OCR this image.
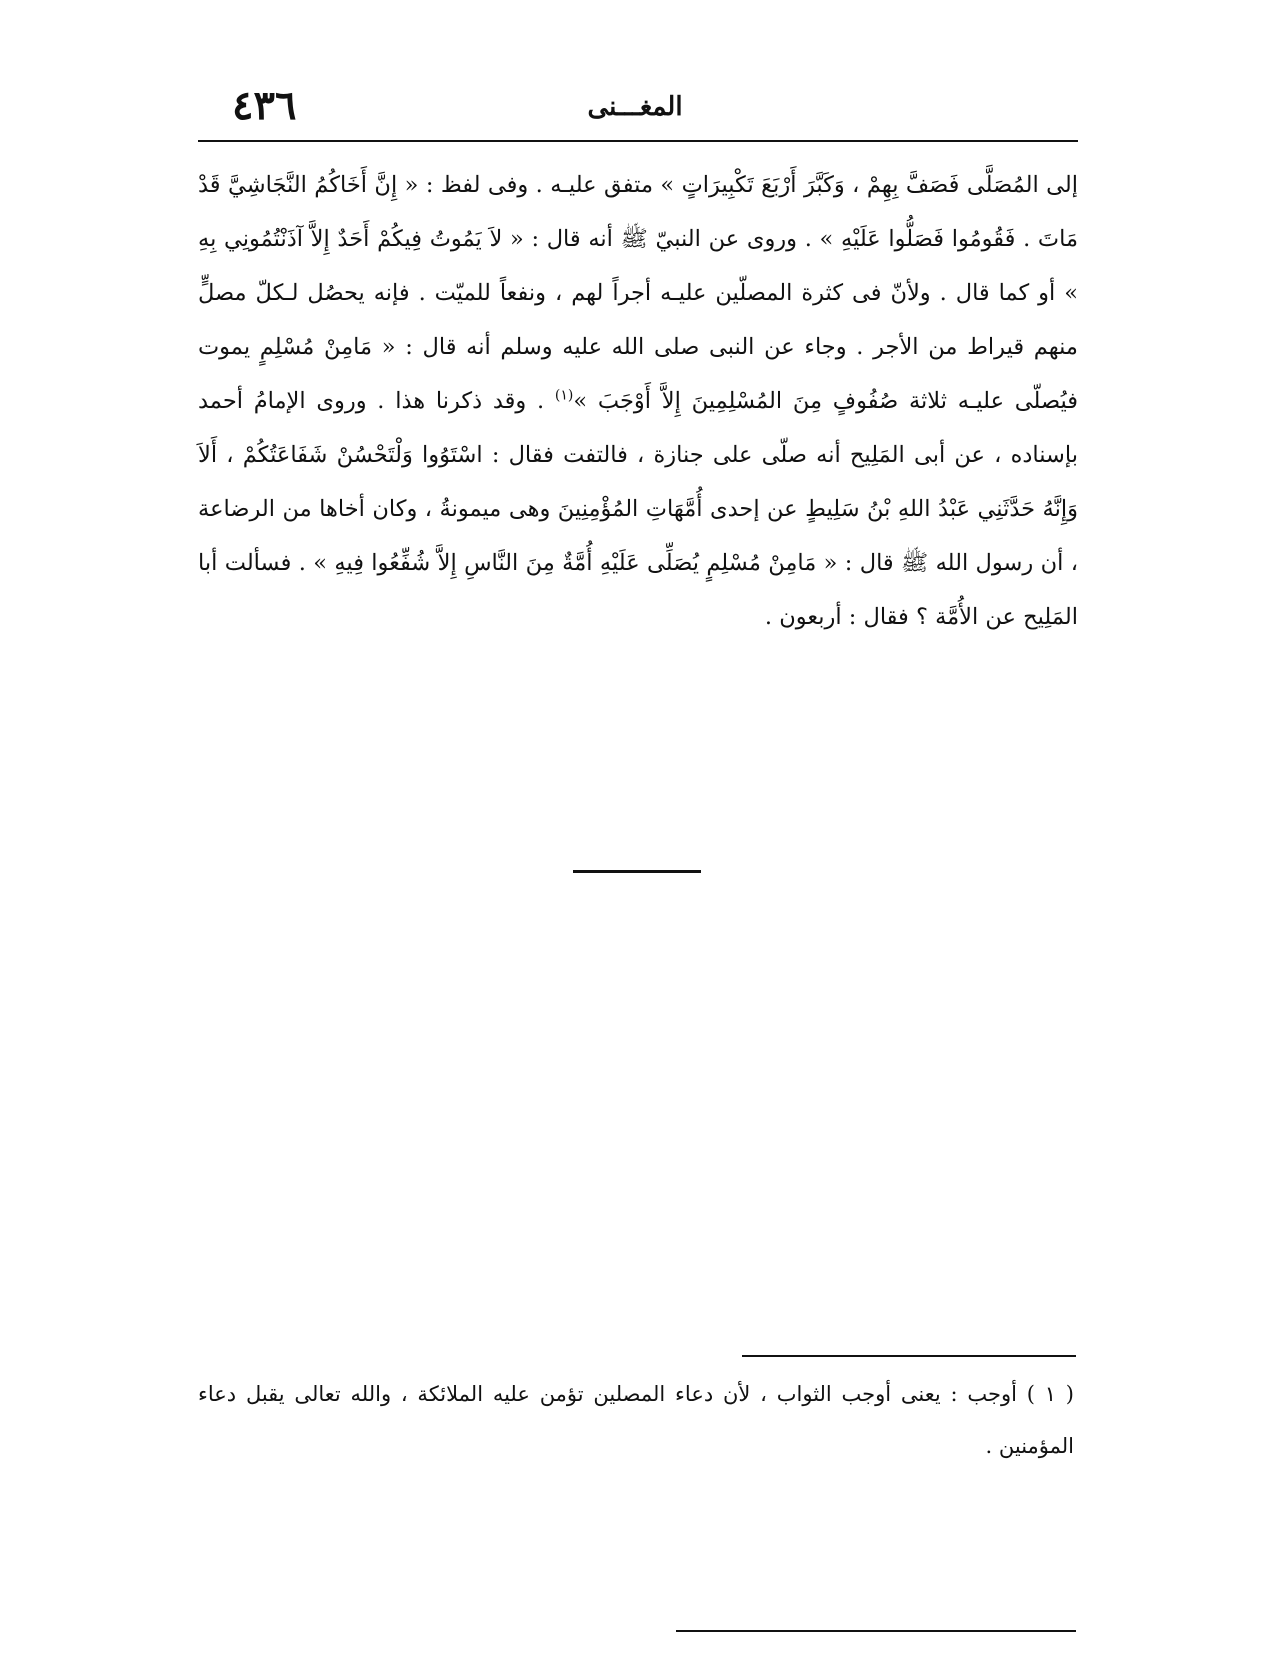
٤٣٦	المغـــنى

إلى المُصَلَّى فَصَفَّ بِهِمْ ، وَكَبَّرَ أَرْبَعَ تَكْبِيرَاتٍ » متفق عليـه . وفى لفظ : « إِنَّ أَخَاكُمُ النَّجَاشِيَّ قَدْ مَاتَ . فَقُومُوا فَصَلُّوا عَلَيْهِ » . وروى عن النبيّ ﷺ أنه قال : « لاَ يَمُوتُ فِيكُمْ أَحَدٌ إِلاَّ آذَنْتُمُونِي بِهِ » أو كما قال . ولأنّ فى كثرة المصلّين عليـه أجراً لهم ، ونفعاً للميّت . فإنه يحصُل لـكلّ مصلٍّ منهم قيراط من الأجر . وجاء عن النبى صلى الله عليه وسلم أنه قال : « مَامِنْ مُسْلِمٍ يموت فيُصلّى عليـه ثلاثة صُفُوفٍ مِنَ المُسْلِمِينَ إِلاَّ أَوْجَبَ »$^{(١)}$ . وقد ذكرنا هذا . وروى الإمامُ أحمد بإسناده ، عن أبى المَلِيح أنه صلّى على جنازة ، فالتفت فقال : اسْتَوُوا وَلْتَحْسُنْ شَفَاعَتُكُمْ ، أَلاَ وَإِنَّهُ حَدَّثَنِي عَبْدُ اللهِ بْنُ سَلِيطٍ عن إحدى أُمَّهَاتِ المُؤْمِنِينَ وهى ميمونةُ ، وكان أخاها من الرضاعة ، أن رسول الله ﷺ قال : « مَامِنْ مُسْلِمٍ يُصَلِّى عَلَيْهِ أُمَّةٌ مِنَ النَّاسِ إِلاَّ شُفِّعُوا فِيهِ » . فسألت أبا المَلِيح عن الأُمَّة ؟ فقال : أربعون .

( ١ ) أوجب : يعنى أوجب الثواب ، لأن دعاء المصلين تؤمن عليه الملائكة ، والله تعالى يقبل دعاء المؤمنين .
